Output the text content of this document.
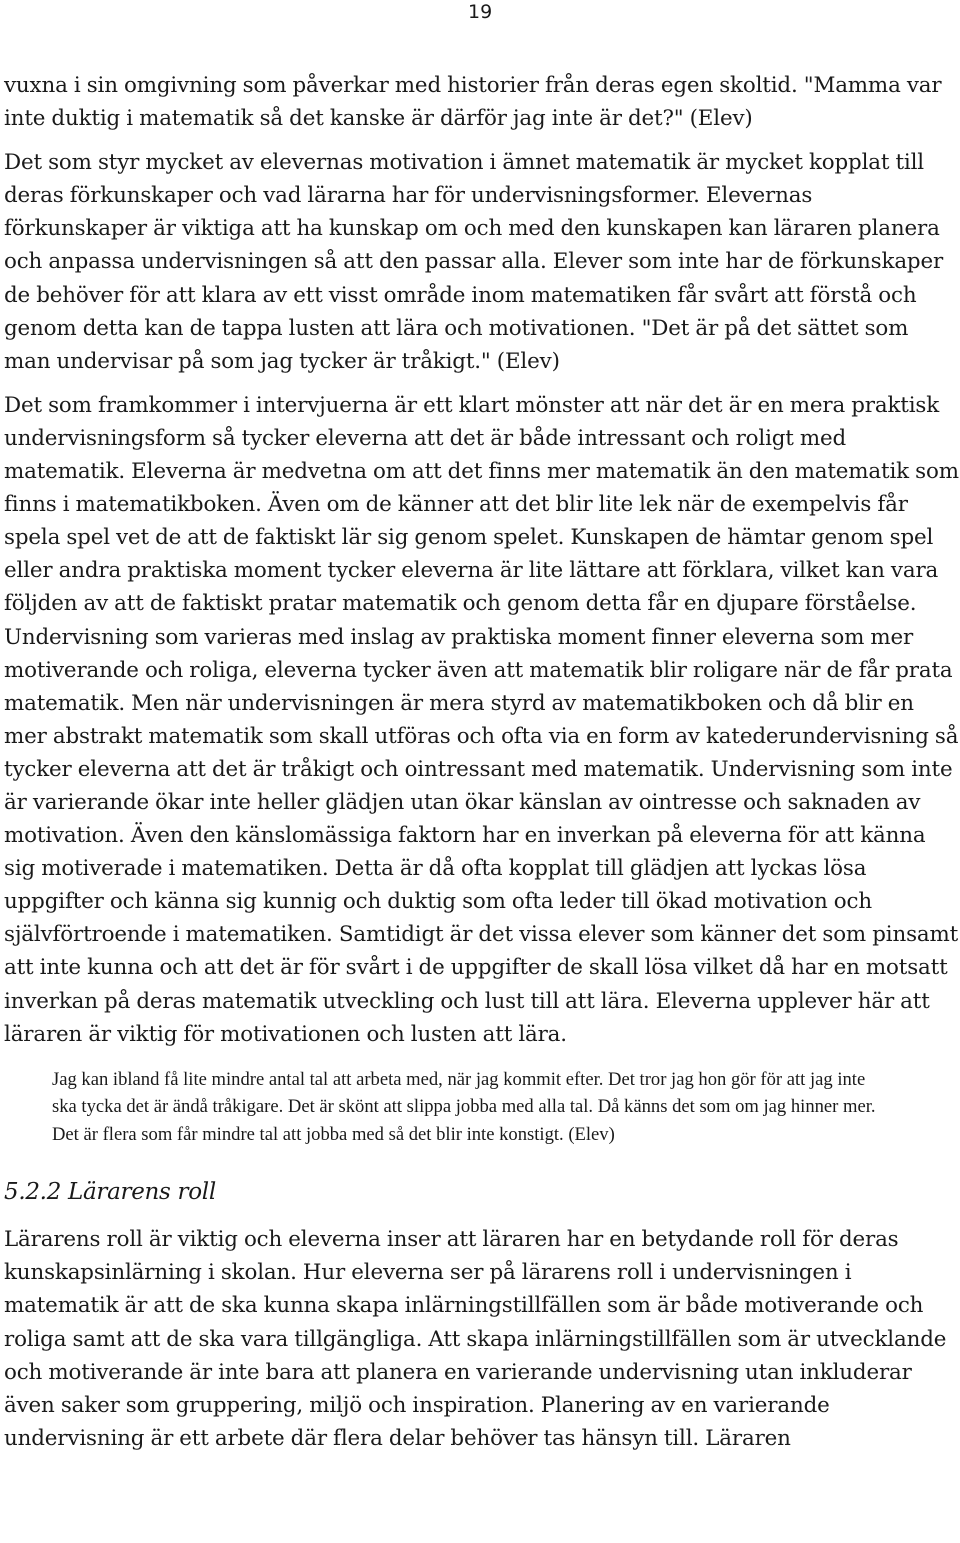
19

vuxna i sin omgivning som påverkar med historier från deras egen skoltid. "Mamma var inte duktig i matematik så det kanske är därför jag inte är det?" (Elev)

Det som styr mycket av elevernas motivation i ämnet matematik är mycket kopplat till deras förkunskaper och vad lärarna har för undervisningsformer. Elevernas förkunskaper är viktiga att ha kunskap om och med den kunskapen kan läraren planera och anpassa undervisningen så att den passar alla. Elever som inte har de förkunskaper de behöver för att klara av ett visst område inom matematiken får svårt att förstå och genom detta kan de tappa lusten att lära och motivationen. "Det är på det sättet som man undervisar på som jag tycker är tråkigt." (Elev)

Det som framkommer i intervjuerna är ett klart mönster att när det är en mera praktisk undervisningsform så tycker eleverna att det är både intressant och roligt med matematik. Eleverna är medvetna om att det finns mer matematik än den matematik som finns i matematikboken. Även om de känner att det blir lite lek när de exempelvis får spela spel vet de att de faktiskt lär sig genom spelet. Kunskapen de hämtar genom spel eller andra praktiska moment tycker eleverna är lite lättare att förklara, vilket kan vara följden av att de faktiskt pratar matematik och genom detta får en djupare förståelse. Undervisning som varieras med inslag av praktiska moment finner eleverna som mer motiverande och roliga, eleverna tycker även att matematik blir roligare när de får prata matematik. Men när undervisningen är mera styrd av matematikboken och då blir en mer abstrakt matematik som skall utföras och ofta via en form av katederundervisning så tycker eleverna att det är tråkigt och ointressant med matematik. Undervisning som inte är varierande ökar inte heller glädjen utan ökar känslan av ointresse och saknaden av motivation. Även den känslomässiga faktorn har en inverkan på eleverna för att känna sig motiverade i matematiken. Detta är då ofta kopplat till glädjen att lyckas lösa uppgifter och känna sig kunnig och duktig som ofta leder till ökad motivation och självförtroende i matematiken. Samtidigt är det vissa elever som känner det som pinsamt att inte kunna och att det är för svårt i de uppgifter de skall lösa vilket då har en motsatt inverkan på deras matematik utveckling och lust till att lära. Eleverna upplever här att läraren är viktig för motivationen och lusten att lära.

Jag kan ibland få lite mindre antal tal att arbeta med, när jag kommit efter. Det tror jag hon gör för att jag inte ska tycka det är ändå tråkigare. Det är skönt att slippa jobba med alla tal. Då känns det som om jag hinner mer. Det är flera som får mindre tal att jobba med så det blir inte konstigt. (Elev)
5.2.2 Lärarens roll

Lärarens roll är viktig och eleverna inser att läraren har en betydande roll för deras kunskapsinlärning i skolan. Hur eleverna ser på lärarens roll i undervisningen i matematik är att de ska kunna skapa inlärningstillfällen som är både motiverande och roliga samt att de ska vara tillgängliga. Att skapa inlärningstillfällen som är utvecklande och motiverande är inte bara att planera en varierande undervisning utan inkluderar även saker som gruppering, miljö och inspiration. Planering av en varierande undervisning är ett arbete där flera delar behöver tas hänsyn till. Läraren
